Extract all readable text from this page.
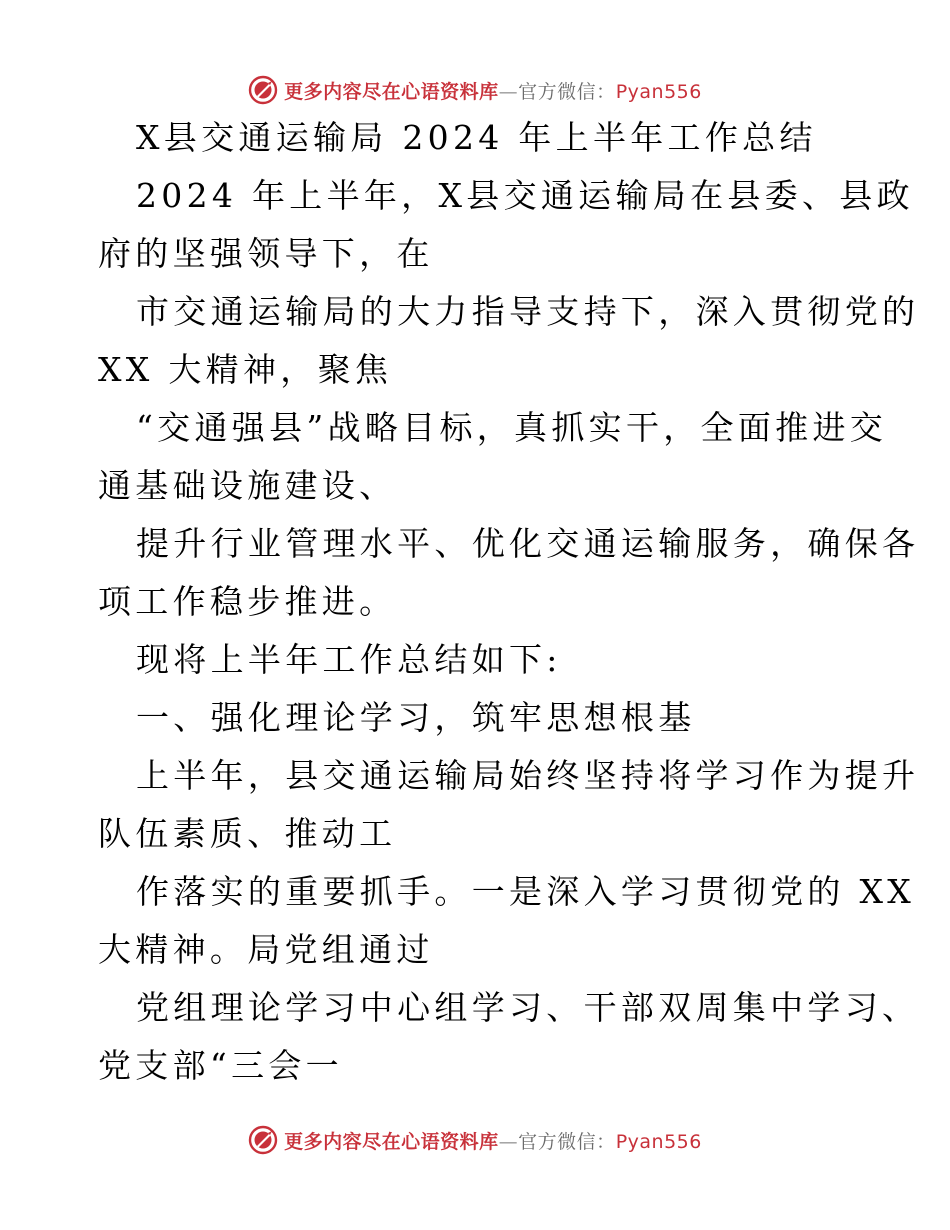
更多内容尽在心语资料库—官方微信：Pyan556
X县交通运输局 2024 年上半年工作总结
2024 年上半年，X县交通运输局在县委、县政
府的坚强领导下，在
市交通运输局的大力指导支持下，深入贯彻党的
XX 大精神，聚焦
“交通强县”战略目标，真抓实干，全面推进交
通基础设施建设、
提升行业管理水平、优化交通运输服务，确保各
项工作稳步推进。
现将上半年工作总结如下:
一、强化理论学习，筑牢思想根基
上半年，县交通运输局始终坚持将学习作为提升
队伍素质、推动工
作落实的重要抓手。一是深入学习贯彻党的 XX
大精神。局党组通过
党组理论学习中心组学习、干部双周集中学习、
党支部“三会一
更多内容尽在心语资料库—官方微信：Pyan556
